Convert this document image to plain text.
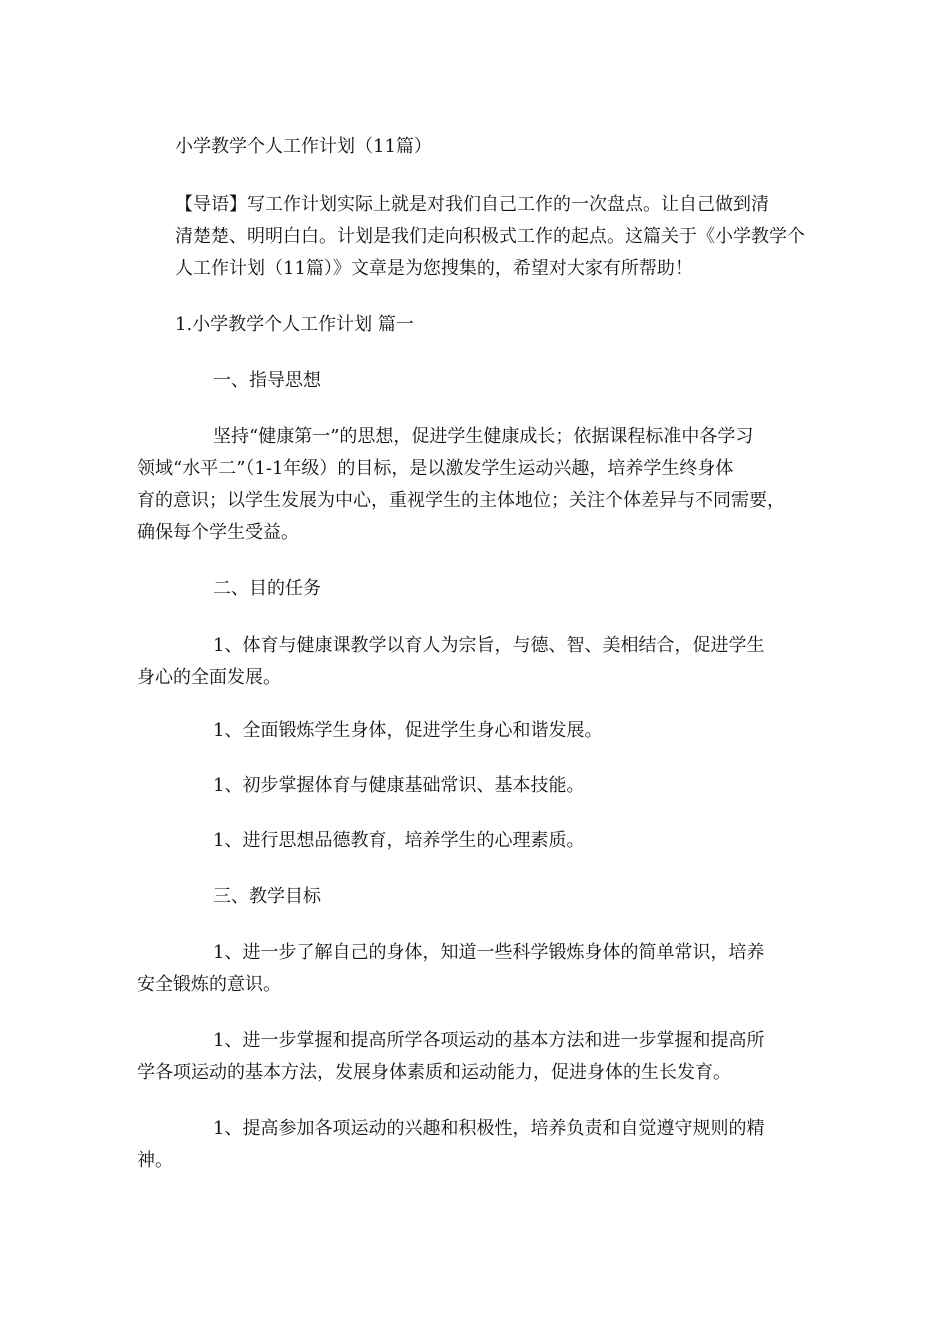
小学教学个人工作计划（11篇）
【导语】写工作计划实际上就是对我们自己工作的一次盘点。让自己做到清
清楚楚、明明白白。计划是我们走向积极式工作的起点。这篇关于《小学教学个
人工作计划（11篇）》文章是为您搜集的，希望对大家有所帮助！
1.小学教学个人工作计划 篇一
一、指导思想
坚持“健康第一”的思想，促进学生健康成长；依据课程标准中各学习
领域“水平二”（1-1年级）的目标，是以激发学生运动兴趣，培养学生终身体
育的意识；以学生发展为中心，重视学生的主体地位；关注个体差异与不同需要，
确保每个学生受益。
二、目的任务
1、体育与健康课教学以育人为宗旨，与德、智、美相结合，促进学生
身心的全面发展。
1、全面锻炼学生身体，促进学生身心和谐发展。
1、初步掌握体育与健康基础常识、基本技能。
1、进行思想品德教育，培养学生的心理素质。
三、教学目标
1、进一步了解自己的身体，知道一些科学锻炼身体的简单常识，培养
安全锻炼的意识。
1、进一步掌握和提高所学各项运动的基本方法和进一步掌握和提高所
学各项运动的基本方法，发展身体素质和运动能力，促进身体的生长发育。
1、提高参加各项运动的兴趣和积极性，培养负责和自觉遵守规则的精
神。
